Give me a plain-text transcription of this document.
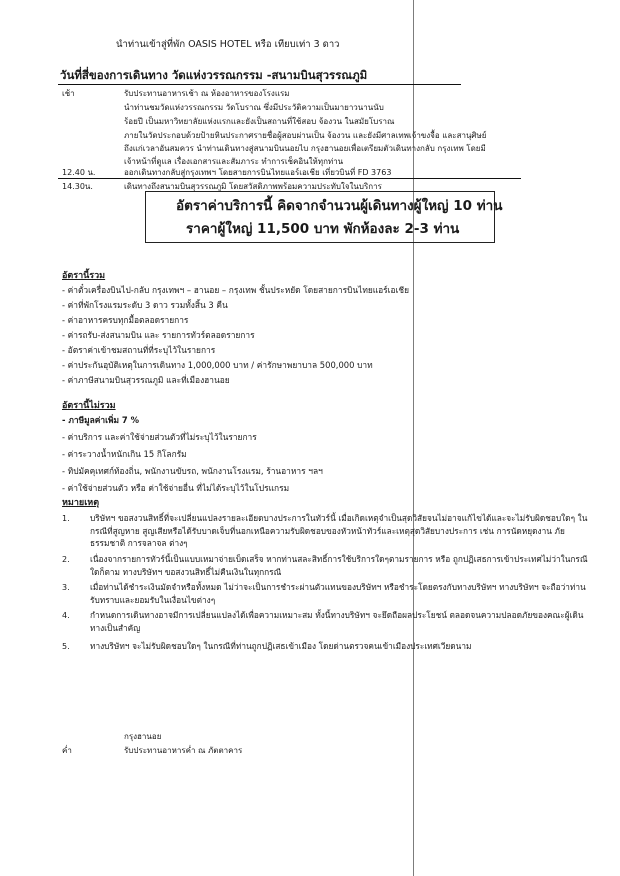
นำท่านเข้าสู่ที่พัก OASIS HOTEL หรือ เทียบเท่า 3 ดาว
วันที่สี่ของการเดินทาง วัดแห่งวรรณกรรม -สนามบินสุวรรณภูมิ
เช้า	รับประทานอาหารเช้า ณ ห้องอาหารของโรงแรม
นำท่านชมวัดแห่งวรรณกรรม วัดโบราณ ซึ่งมีประวัติความเป็นมายาวนานนับ
ร้อยปี เป็นมหาวิทยาลัยแห่งแรกและยังเป็นสถานที่ใช้สอบ จ้องวน ในสมัยโบราณ
ภายในวัดประกอบด้วยป้ายหินประกาศรายชื่อผู้สอบผ่านเป็น จ้องวน และยังมีศาลเทพเจ้าขงจื้อ และสานุศิษย์
ถึงแก่เวลาอันสมควร นำท่านเดินทางสู่สนามบินนอยไบ กรุงฮานอยเพื่อเตรียมตัวเดินทางกลับ กรุงเทพ โดยมี
เจ้าหน้าที่ดูแล เรื่องเอกสารและสัมภาระ ทำการเช็คอินให้ทุกท่าน
12.40 น.	ออกเดินทางกลับสู่กรุงเทพฯ โดยสายการบินไทยแอร์เอเชีย เที่ยวบินที่ FD 3763
14.30น.	เดินทางถึงสนามบินสุวรรณภูมิ โดยสวัสดิภาพพร้อมความประทับใจในบริการ
อัตราค่าบริการนี้ คิดจากจำนวนผู้เดินทางผู้ใหญ่ 10 ท่าน
ราคาผู้ใหญ่ 11,500 บาท พักห้องละ 2-3 ท่าน
อัตรานี้รวม
- ค่าตั๋วเครื่องบินไป-กลับ กรุงเทพฯ – ฮานอย – กรุงเทพ ชั้นประหยัด โดยสายการบินไทยแอร์เอเชีย
- ค่าที่พักโรงแรมระดับ 3 ดาว รวมทั้งสิ้น 3 คืน
- ค่าอาหารครบทุกมื้อตลอดรายการ
- ค่ารถรับ-ส่งสนามบิน และ รายการทัวร์ตลอดรายการ
- อัตราค่าเข้าชมสถานที่ที่ระบุไว้ในรายการ
- ค่าประกันอุบัติเหตุในการเดินทาง 1,000,000 บาท / ค่ารักษาพยาบาล 500,000 บาท
- ค่าภาษีสนามบินสุวรรณภูมิ และที่เมืองฮานอย
อัตรานี้ไม่รวม
- ภาษีมูลค่าเพิ่ม 7 %
- ค่าบริการ และค่าใช้จ่ายส่วนตัวที่ไม่ระบุไว้ในรายการ
- ค่าระวางน้ำหนักเกิน 15 กิโลกรัม
- ทิปมัคคุเทศก์ท้องถิ่น, พนักงานขับรถ, พนักงานโรงแรม, ร้านอาหาร ฯลฯ
- ค่าใช้จ่ายส่วนตัว หรือ ค่าใช้จ่ายอื่น ที่ไม่ได้ระบุไว้ในโปรแกรม
หมายเหตุ
1. บริษัทฯ ขอสงวนสิทธิ์ที่จะเปลี่ยนแปลงรายละเอียดบางประการในทัวร์นี้ เมื่อเกิดเหตุจำเป็นสุดวิสัยจนไม่อาจแก้ไขได้และจะไม่รับผิดชอบใดๆ ในกรณีที่สูญหาย สูญเสียหรือได้รับบาดเจ็บที่นอกเหนือความรับผิดชอบของหัวหน้าทัวร์และเหตุสุดวิสัยบางประการ เช่น การนัดหยุดงาน ภัยธรรมชาติ การจลาจล ต่างๆ
2. เนื่องจากรายการทัวร์นี้เป็นแบบเหมาจ่ายเบ็ดเสร็จ หากท่านสละสิทธิ์การใช้บริการใดๆตามรายการ หรือ ถูกปฏิเสธการเข้าประเทศไม่ว่าในกรณีใดก็ตาม ทางบริษัทฯ ขอสงวนสิทธิ์ไม่คืนเงินในทุกกรณี
3. เมื่อท่านได้ชำระเงินมัดจำหรือทั้งหมด ไม่ว่าจะเป็นการชำระผ่านตัวแทนของบริษัทฯ หรือชำระโดยตรงกับทางบริษัทฯ ทางบริษัทฯ จะถือว่าท่านรับทราบและยอมรับในเงื่อนไขต่างๆ
4. กำหนดการเดินทางอาจมีการเปลี่ยนแปลงได้เพื่อความเหมาะสม ทั้งนี้ทางบริษัทฯ จะยึดถือผลประโยชน์ ตลอดจนความปลอดภัยของคณะผู้เดินทางเป็นสำคัญ
5. ทางบริษัทฯ จะไม่รับผิดชอบใดๆ ในกรณีที่ท่านถูกปฏิเสธเข้าเมือง โดยด่านตรวจคนเข้าเมืองประเทศเวียดนาม
กรุงฮานอย
ค่ำ	รับประทานอาหารค่ำ ณ ภัตตาคาร
